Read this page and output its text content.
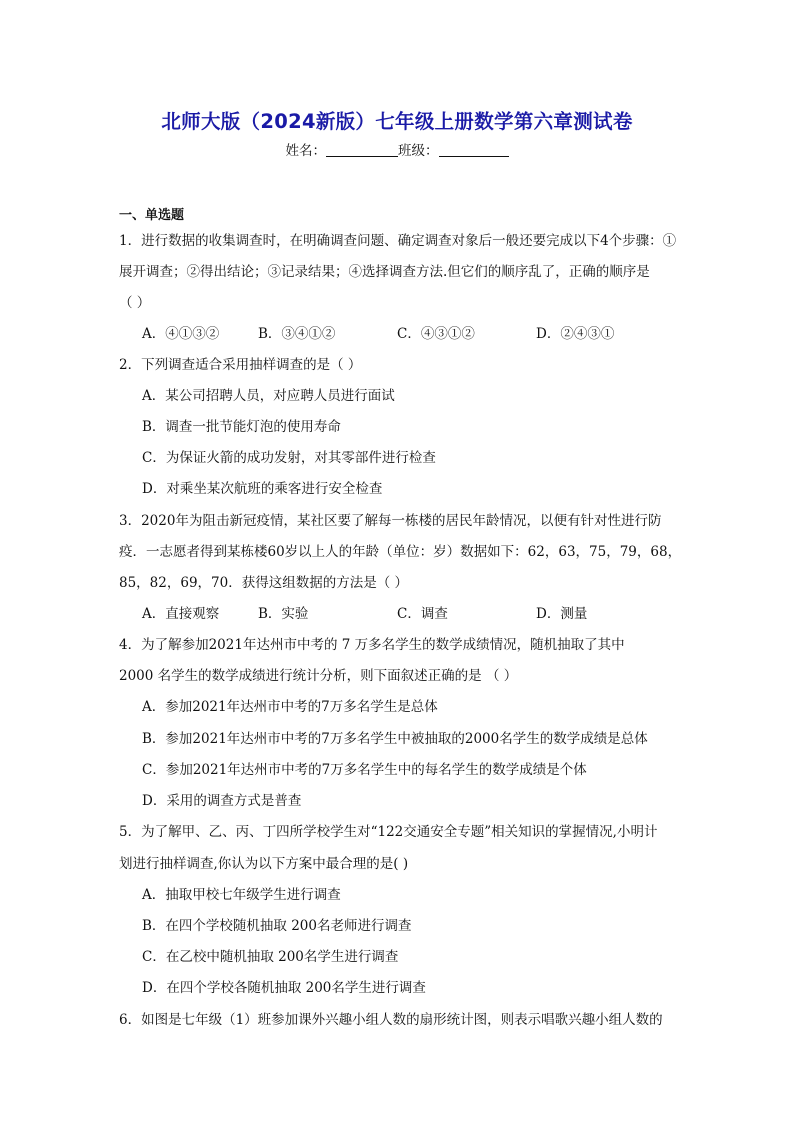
北师大版（2024新版）七年级上册数学第六章测试卷
姓名：	班级：
一、单选题
1．进行数据的收集调查时，在明确调查问题、确定调查对象后一般还要完成以下4个步骤：①
展开调查；②得出结论；③记录结果；④选择调查方法.但它们的顺序乱了，正确的顺序是
（ ）
A．④①③②	B．③④①②	C．④③①②	D．②④③①
2．下列调查适合采用抽样调查的是（ ）
A．某公司招聘人员，对应聘人员进行面试
B．调查一批节能灯泡的使用寿命
C．为保证火箭的成功发射，对其零部件进行检查
D．对乘坐某次航班的乘客进行安全检查
3．2020年为阻击新冠疫情，某社区要了解每一栋楼的居民年龄情况，以便有针对性进行防
疫．一志愿者得到某栋楼60岁以上人的年龄（单位：岁）数据如下：62，63，75，79，68，
85，82，69，70．获得这组数据的方法是（ ）
A．直接观察	B．实验	C．调查	D．测量
4．为了解参加2021年达州市中考的 7 万多名学生的数学成绩情况，随机抽取了其中
2000 名学生的数学成绩进行统计分析，则下面叙述正确的是 （ ）
A．参加2021年达州市中考的7万多名学生是总体
B．参加2021年达州市中考的7万多名学生中被抽取的2000名学生的数学成绩是总体
C．参加2021年达州市中考的7万多名学生中的每名学生的数学成绩是个体
D．采用的调查方式是普查
5．为了解甲、乙、丙、丁四所学校学生对“122交通安全专题”相关知识的掌握情况,小明计
划进行抽样调查,你认为以下方案中最合理的是( )
A．抽取甲校七年级学生进行调查
B．在四个学校随机抽取 200名老师进行调查
C．在乙校中随机抽取 200名学生进行调查
D．在四个学校各随机抽取 200名学生进行调查
6．如图是七年级（1）班参加课外兴趣小组人数的扇形统计图，则表示唱歌兴趣小组人数的
